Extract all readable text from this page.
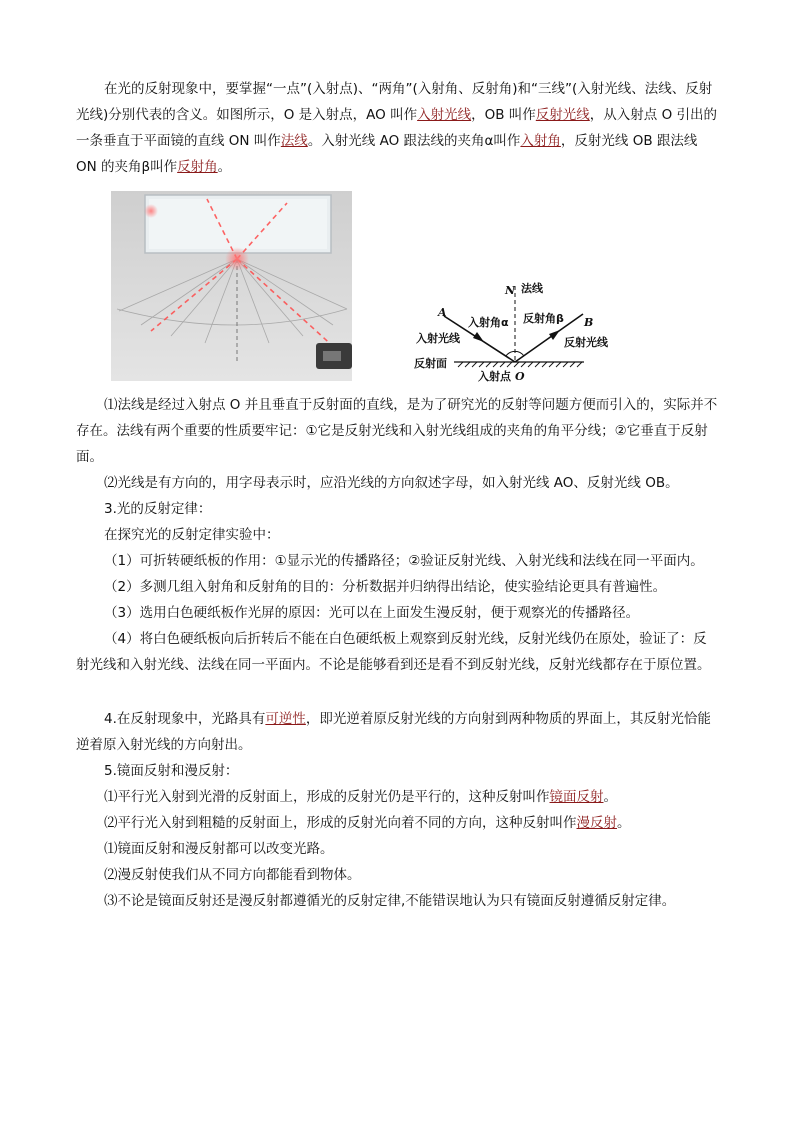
在光的反射现象中，要掌握“一点”(入射点)、“两角”(入射角、反射角)和“三线”(入射光线、法线、反射光线)分别代表的含义。如图所示，O 是入射点，AO 叫作入射光线，OB 叫作反射光线，从入射点 O 引出的一条垂直于平面镜的直线 ON 叫作法线。入射光线 AO 跟法线的夹角α叫作入射角，反射光线 OB 跟法线 ON 的夹角β叫作反射角。

N 法线
A
B
入射角α 反射角β
入射光线	反射光线
反射面
入射点 O

⑴法线是经过入射点 O 并且垂直于反射面的直线，是为了研究光的反射等问题方便而引入的，实际并不存在。法线有两个重要的性质要牢记：①它是反射光线和入射光线组成的夹角的角平分线；②它垂直于反射面。

⑵光线是有方向的，用字母表示时，应沿光线的方向叙述字母，如入射光线 AO、反射光线 OB。

3.光的反射定律：

在探究光的反射定律实验中：

（1）可折转硬纸板的作用：①显示光的传播路径；②验证反射光线、入射光线和法线在同一平面内。

（2）多测几组入射角和反射角的目的：分析数据并归纳得出结论，使实验结论更具有普遍性。

（3）选用白色硬纸板作光屏的原因：光可以在上面发生漫反射，便于观察光的传播路径。

（4）将白色硬纸板向后折转后不能在白色硬纸板上观察到反射光线，反射光线仍在原处，验证了：反射光线和入射光线、法线在同一平面内。不论是能够看到还是看不到反射光线，反射光线都存在于原位置。

4.在反射现象中，光路具有可逆性，即光逆着原反射光线的方向射到两种物质的界面上，其反射光恰能逆着原入射光线的方向射出。

5.镜面反射和漫反射：

⑴平行光入射到光滑的反射面上，形成的反射光仍是平行的，这种反射叫作镜面反射。

⑵平行光入射到粗糙的反射面上，形成的反射光向着不同的方向，这种反射叫作漫反射。

⑴镜面反射和漫反射都可以改变光路。

⑵漫反射使我们从不同方向都能看到物体。

⑶不论是镜面反射还是漫反射都遵循光的反射定律,不能错误地认为只有镜面反射遵循反射定律。
